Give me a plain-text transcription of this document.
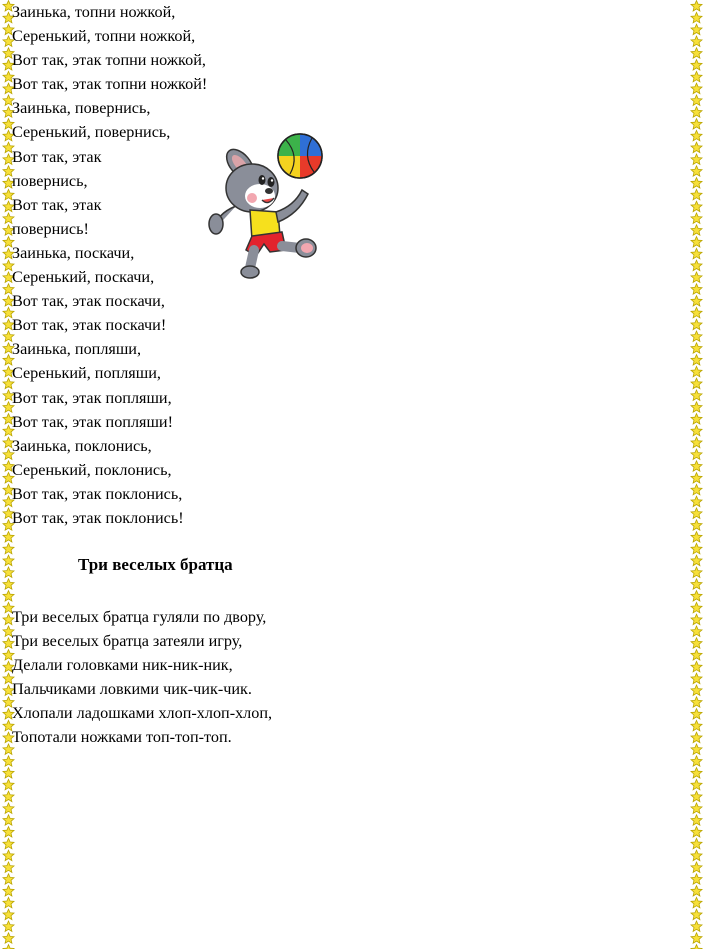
Заинька, топни ножкой,
Серенький, топни ножкой,
Вот так, этак топни ножкой,
Вот так, этак топни ножкой!
Заинька, повернись,
Серенький, повернись,
Вот так, этак
повернись,
Вот так, этак
повернись!
Заинька, поскачи,
Серенький, поскачи,
Вот так, этак поскачи,
Вот так, этак поскачи!
Заинька, попляши,
Серенький, попляши,
Вот так, этак попляши,
Вот так, этак попляши!
Заинька, поклонись,
Серенький, поклонись,
Вот так, этак поклонись,
Вот так, этак поклонись!
Три веселых братца
Три веселых братца гуляли по двору,
Три веселых братца затеяли игру,
Делали головками ник-ник-ник,
Пальчиками ловкими чик-чик-чик.
Хлопали ладошками хлоп-хлоп-хлоп,
Топотали ножками топ-топ-топ.
